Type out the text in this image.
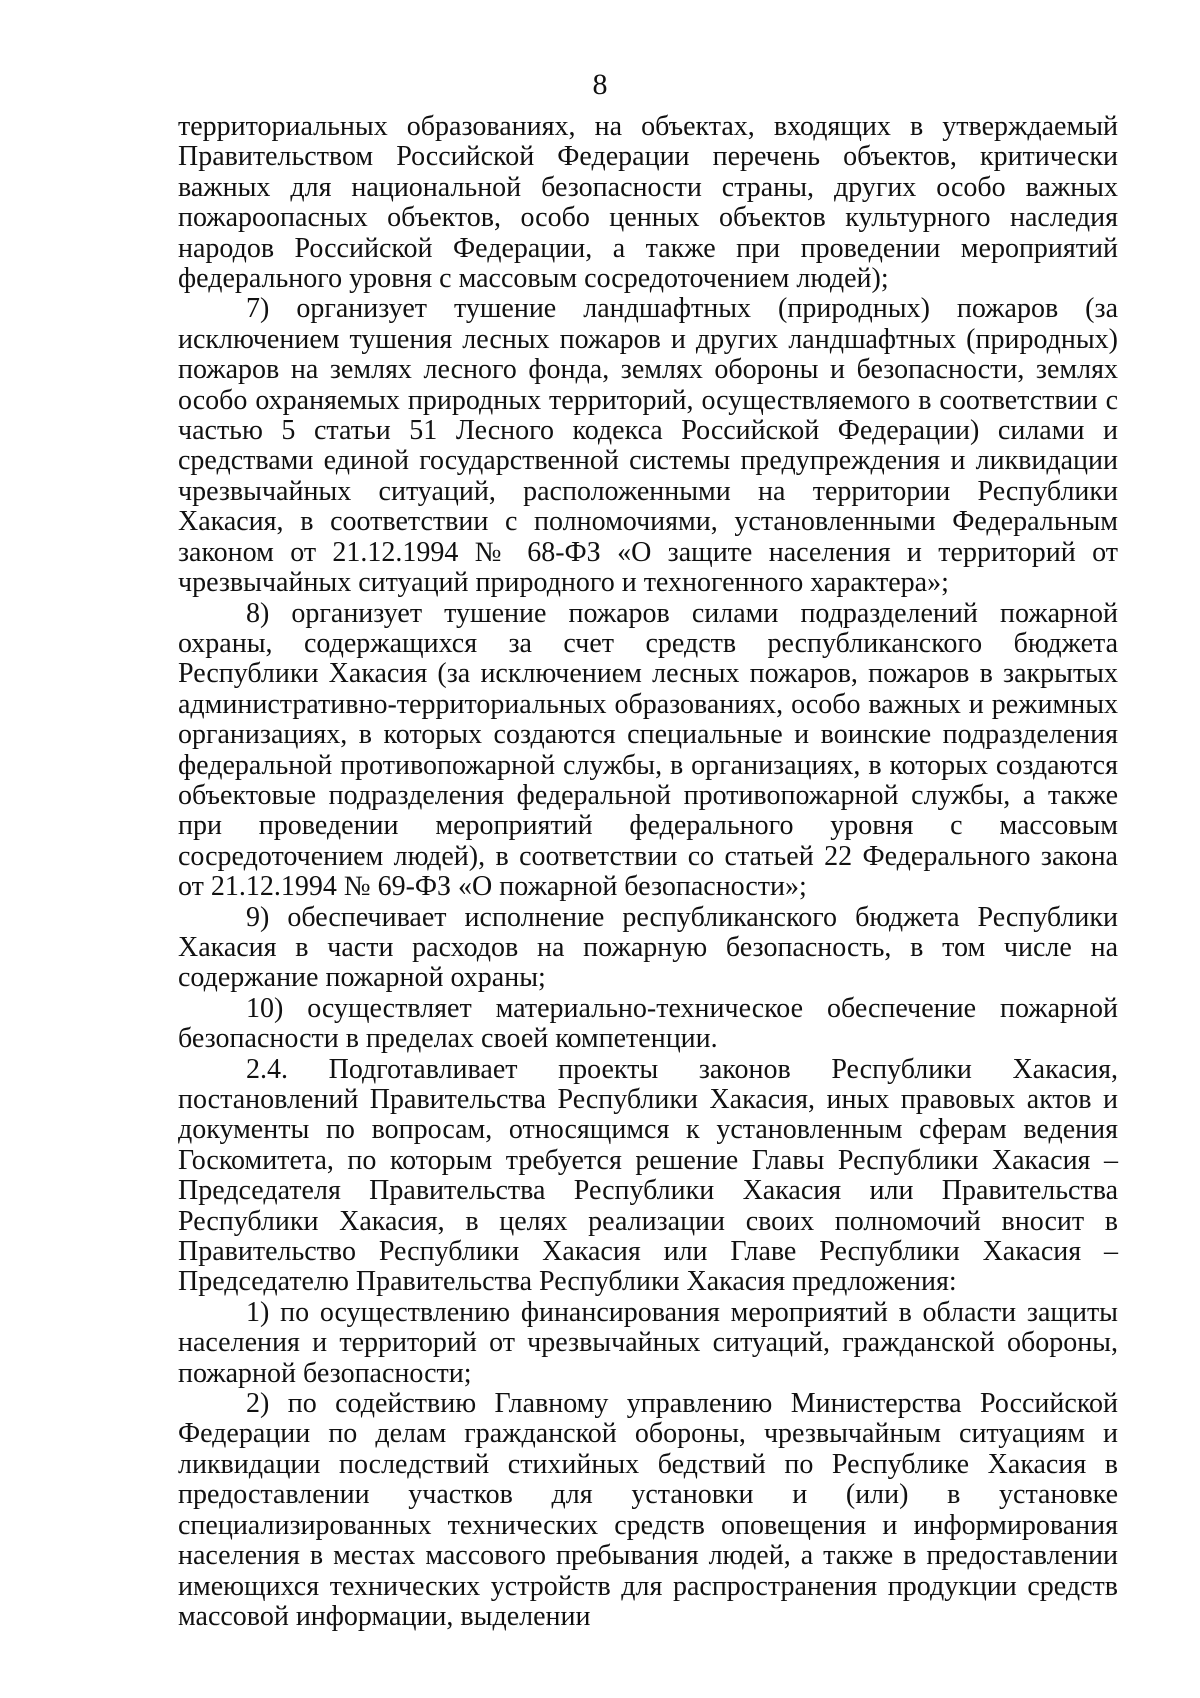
8

территориальных образованиях, на объектах, входящих в утверждаемый Правительством Российской Федерации перечень объектов, критически важных для национальной безопасности страны, других особо важных пожароопасных объектов, особо ценных объектов культурного наследия народов Российской Федерации, а также при проведении мероприятий федерального уровня с массовым сосредоточением людей);

7) организует тушение ландшафтных (природных) пожаров (за исключением тушения лесных пожаров и других ландшафтных (природных) пожаров на землях лесного фонда, землях обороны и безопасности, землях особо охраняемых природных территорий, осуществляемого в соответствии с частью 5 статьи 51 Лесного кодекса Российской Федерации) силами и средствами единой государственной системы предупреждения и ликвидации чрезвычайных ситуаций, расположенными на территории Республики Хакасия, в соответствии с полномочиями, установленными Федеральным законом от 21.12.1994 № 68-ФЗ «О защите населения и территорий от чрезвычайных ситуаций природного и техногенного характера»;

8) организует тушение пожаров силами подразделений пожарной охраны, содержащихся за счет средств республиканского бюджета Республики Хакасия (за исключением лесных пожаров, пожаров в закрытых административно-территориальных образованиях, особо важных и режимных организациях, в которых создаются специальные и воинские подразделения федеральной противопожарной службы, в организациях, в которых создаются объектовые подразделения федеральной противопожарной службы, а также при проведении мероприятий федерального уровня с массовым сосредоточением людей), в соответствии со статьей 22 Федерального закона от 21.12.1994 № 69-ФЗ «О пожарной безопасности»;

9) обеспечивает исполнение республиканского бюджета Республики Хакасия в части расходов на пожарную безопасность, в том числе на содержание пожарной охраны;

10) осуществляет материально-техническое обеспечение пожарной безопасности в пределах своей компетенции.

2.4. Подготавливает проекты законов Республики Хакасия, постановлений Правительства Республики Хакасия, иных правовых актов и документы по вопросам, относящимся к установленным сферам ведения Госкомитета, по которым требуется решение Главы Республики Хакасия – Председателя Правительства Республики Хакасия или Правительства Республики Хакасия, в целях реализации своих полномочий вносит в Правительство Республики Хакасия или Главе Республики Хакасия – Председателю Правительства Республики Хакасия предложения:

1) по осуществлению финансирования мероприятий в области защиты населения и территорий от чрезвычайных ситуаций, гражданской обороны, пожарной безопасности;

2) по содействию Главному управлению Министерства Российской Федерации по делам гражданской обороны, чрезвычайным ситуациям и ликвидации последствий стихийных бедствий по Республике Хакасия в предоставлении участков для установки и (или) в установке специализированных технических средств оповещения и информирования населения в местах массового пребывания людей, а также в предоставлении имеющихся технических устройств для распространения продукции средств массовой информации, выделении
